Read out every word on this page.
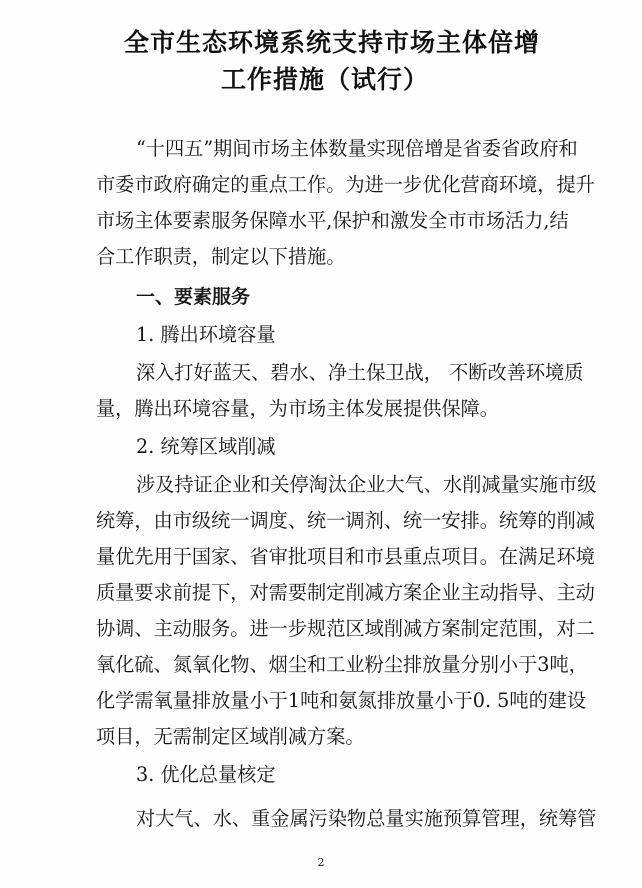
全市生态环境系统支持市场主体倍增
工作措施（试行）
“十四五”期间市场主体数量实现倍增是省委省政府和
市委市政府确定的重点工作。为进一步优化营商环境，提升
市场主体要素服务保障水平,保护和激发全市市场活力,结
合工作职责，制定以下措施。
一、要素服务
1. 腾出环境容量
深入打好蓝天、碧水、净土保卫战， 不断改善环境质
量，腾出环境容量，为市场主体发展提供保障。
2. 统筹区域削减
涉及持证企业和关停淘汰企业大气、水削减量实施市级
统筹，由市级统一调度、统一调剂、统一安排。统筹的削减
量优先用于国家、省审批项目和市县重点项目。在满足环境
质量要求前提下，对需要制定削减方案企业主动指导、主动
协调、主动服务。进一步规范区域削减方案制定范围，对二
氧化硫、氮氧化物、烟尘和工业粉尘排放量分别小于3吨，
化学需氧量排放量小于1吨和氨氮排放量小于0. 5吨的建设
项目，无需制定区域削减方案。
3. 优化总量核定
对大气、水、重金属污染物总量实施预算管理，统筹管
2
